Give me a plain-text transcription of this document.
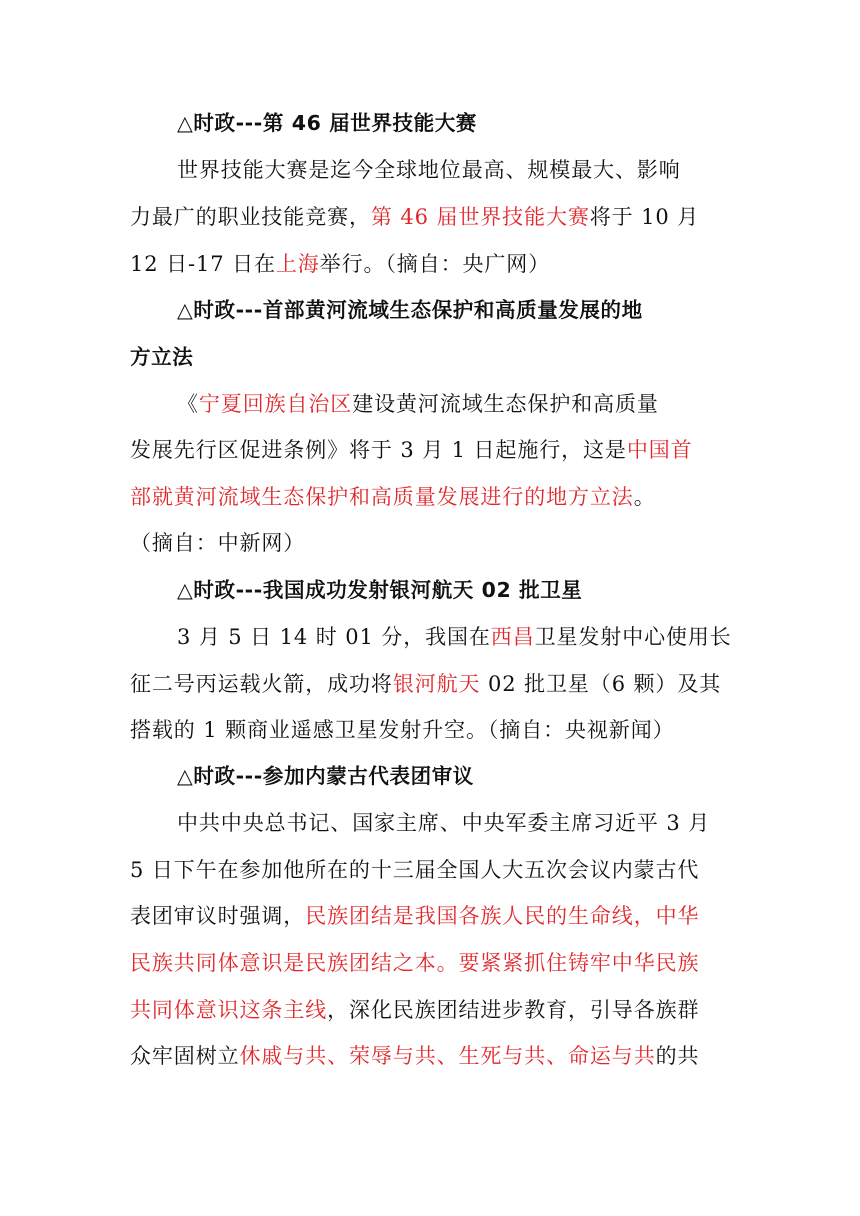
△时政---第 46 届世界技能大赛
世界技能大赛是迄今全球地位最高、规模最大、影响
力最广的职业技能竞赛，第 46 届世界技能大赛将于 10 月
12 日-17 日在上海举行。（摘自：央广网）
△时政---首部黄河流域生态保护和高质量发展的地
方立法
《宁夏回族自治区建设黄河流域生态保护和高质量
发展先行区促进条例》将于 3 月 1 日起施行，这是中国首
部就黄河流域生态保护和高质量发展进行的地方立法。
（摘自：中新网）
△时政---我国成功发射银河航天 02 批卫星
3 月 5 日 14 时 01 分，我国在西昌卫星发射中心使用长
征二号丙运载火箭，成功将银河航天 02 批卫星（6 颗）及其
搭载的 1 颗商业遥感卫星发射升空。（摘自：央视新闻）
△时政---参加内蒙古代表团审议
中共中央总书记、国家主席、中央军委主席习近平 3 月
5 日下午在参加他所在的十三届全国人大五次会议内蒙古代
表团审议时强调，民族团结是我国各族人民的生命线，中华
民族共同体意识是民族团结之本。要紧紧抓住铸牢中华民族
共同体意识这条主线，深化民族团结进步教育，引导各族群
众牢固树立休戚与共、荣辱与共、生死与共、命运与共的共
